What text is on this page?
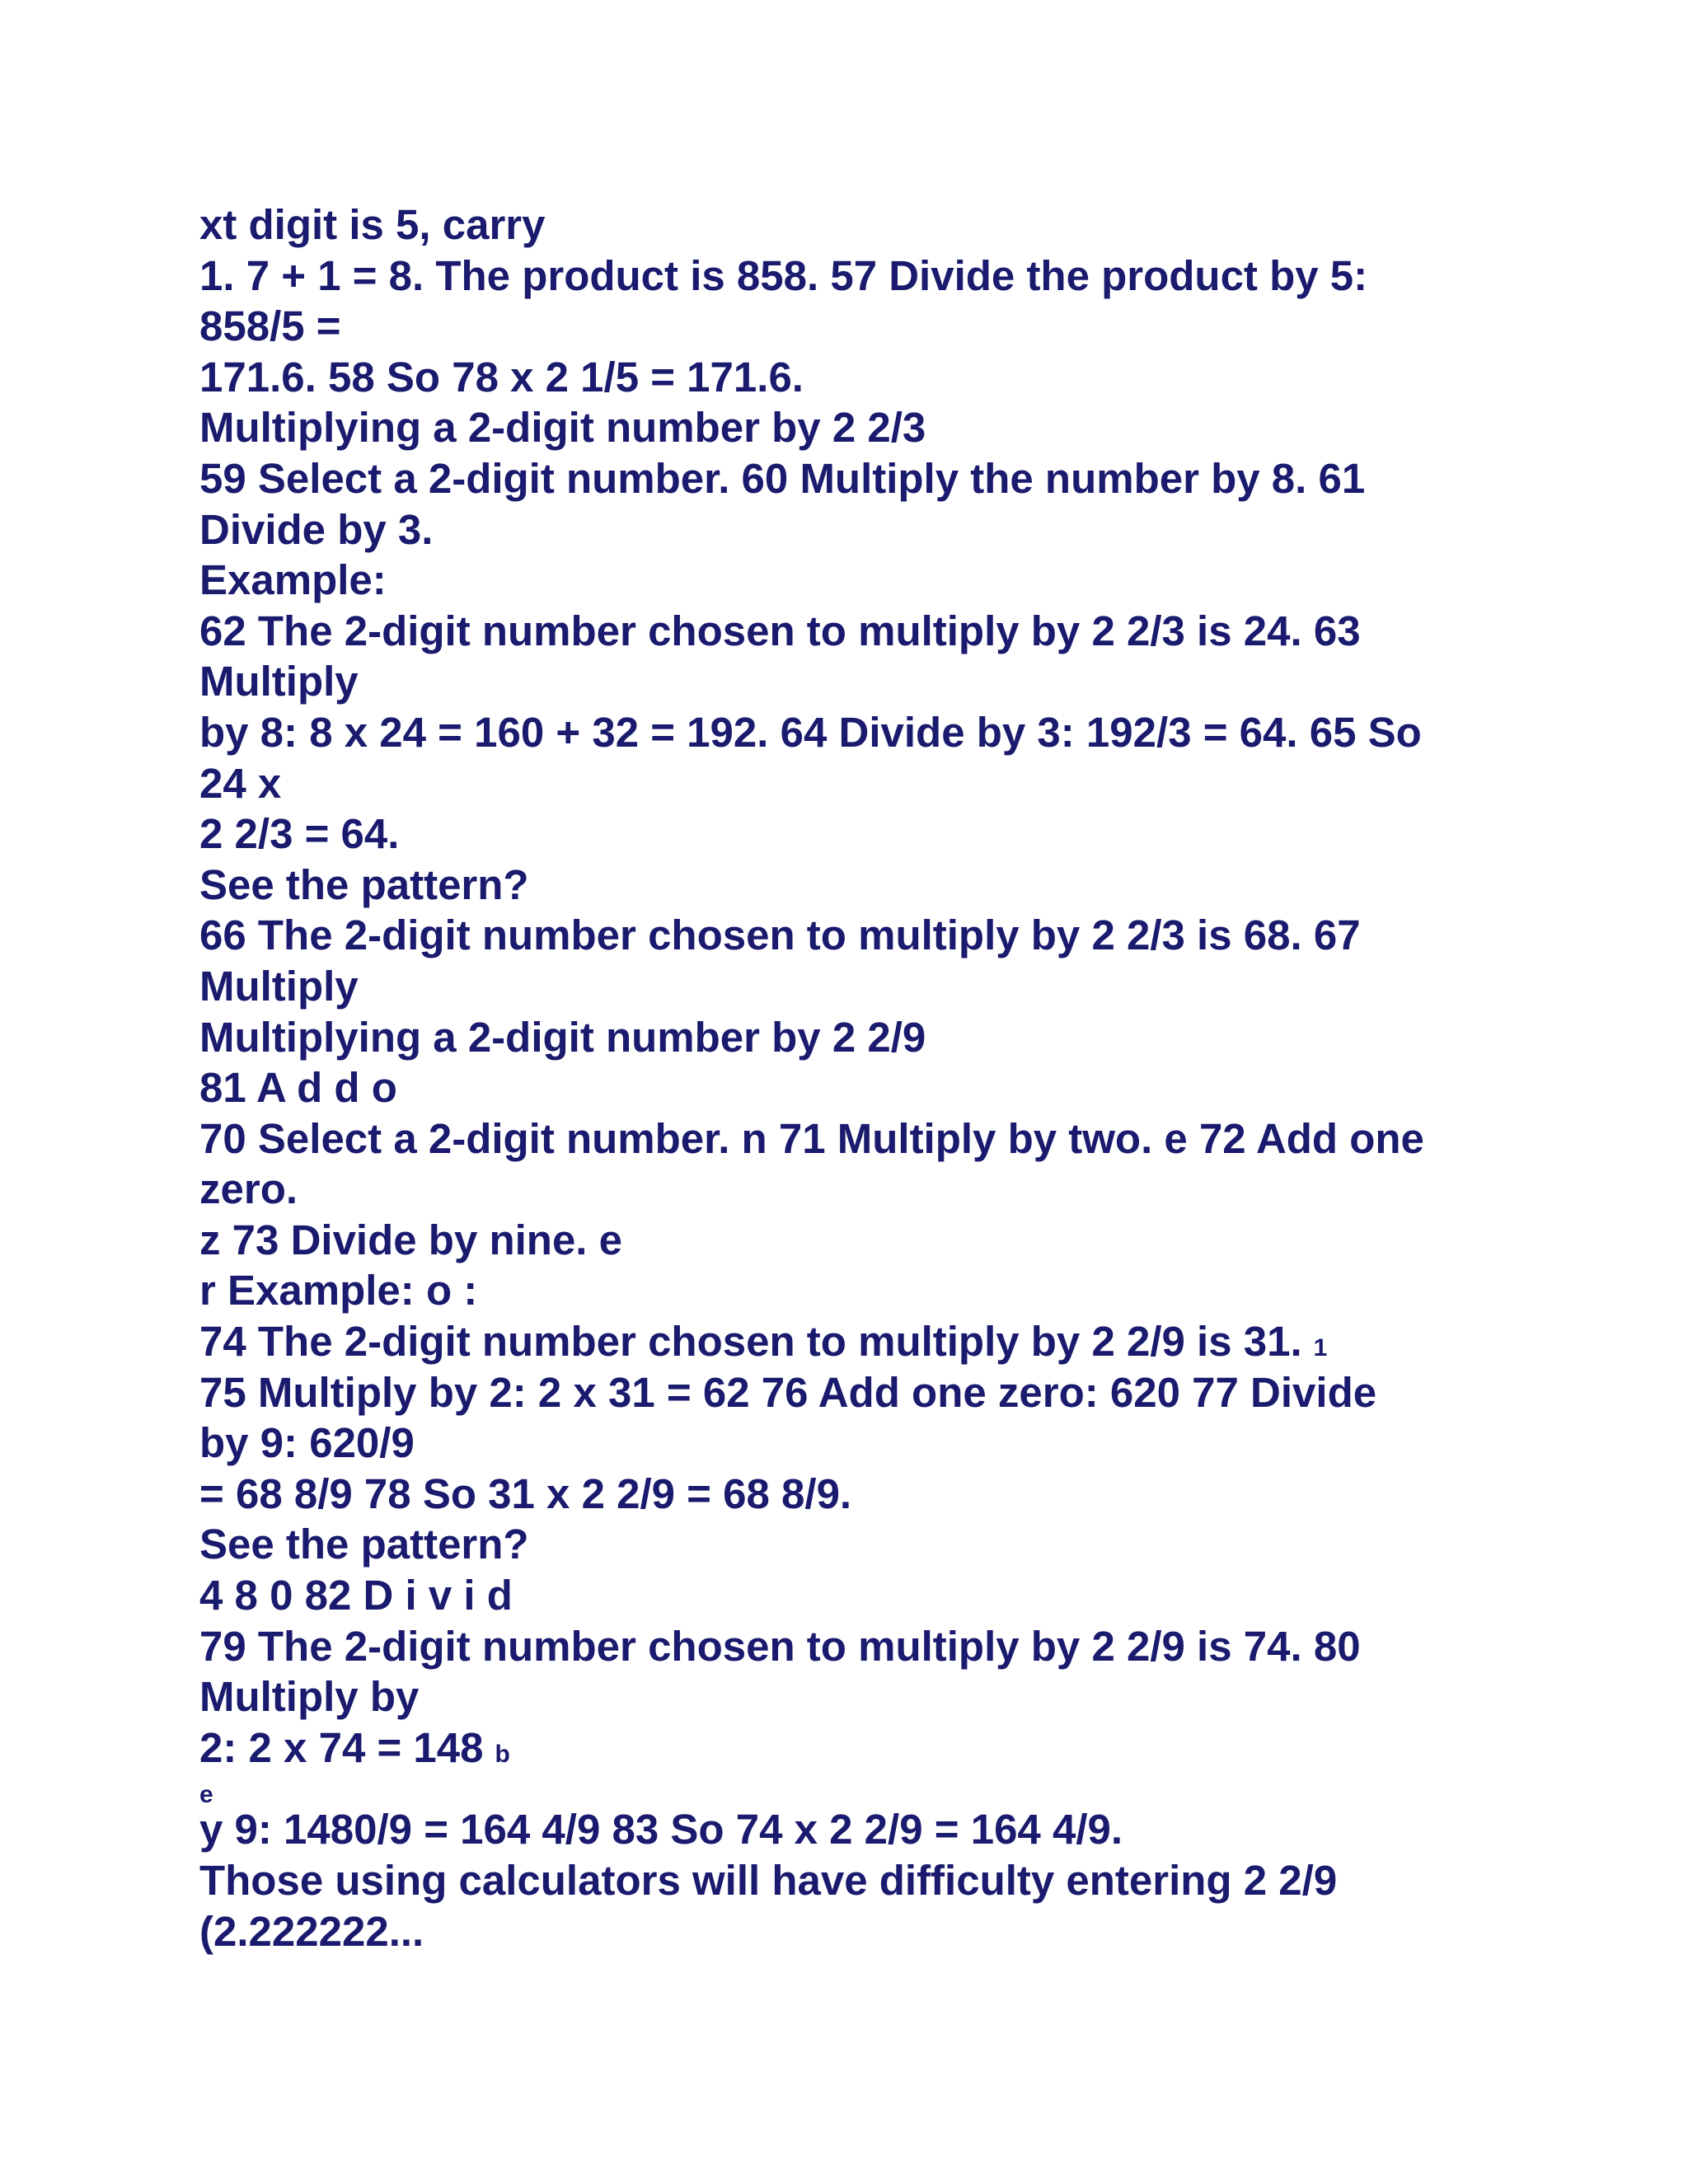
xt digit is 5, carry
1. 7 + 1 = 8. The product is 858. 57 Divide the product by 5:
858/5 =
171.6. 58 So 78 x 2 1/5 = 171.6.
Multiplying a 2-digit number by 2 2/3
59 Select a 2-digit number. 60 Multiply the number by 8. 61
Divide by 3.
Example:
62 The 2-digit number chosen to multiply by 2 2/3 is 24. 63
Multiply
by 8: 8 x 24 = 160 + 32 = 192. 64 Divide by 3: 192/3 = 64. 65 So
24 x
2 2/3 = 64.
See the pattern?
66 The 2-digit number chosen to multiply by 2 2/3 is 68. 67
Multiply
Multiplying a 2-digit number by 2 2/9
81 A d d o
70 Select a 2-digit number. n 71 Multiply by two. e 72 Add one
zero.
z 73 Divide by nine. e
r Example: o :
74 The 2-digit number chosen to multiply by 2 2/9 is 31. 1
75 Multiply by 2: 2 x 31 = 62 76 Add one zero: 620 77 Divide
by 9: 620/9
= 68 8/9 78 So 31 x 2 2/9 = 68 8/9.
See the pattern?
4 8 0 82 D i v i d
79 The 2-digit number chosen to multiply by 2 2/9 is 74. 80
Multiply by
2: 2 x 74 = 148 b
e
y 9: 1480/9 = 164 4/9 83 So 74 x 2 2/9 = 164 4/9.
Those using calculators will have difficulty entering 2 2/9
(2.222222...
